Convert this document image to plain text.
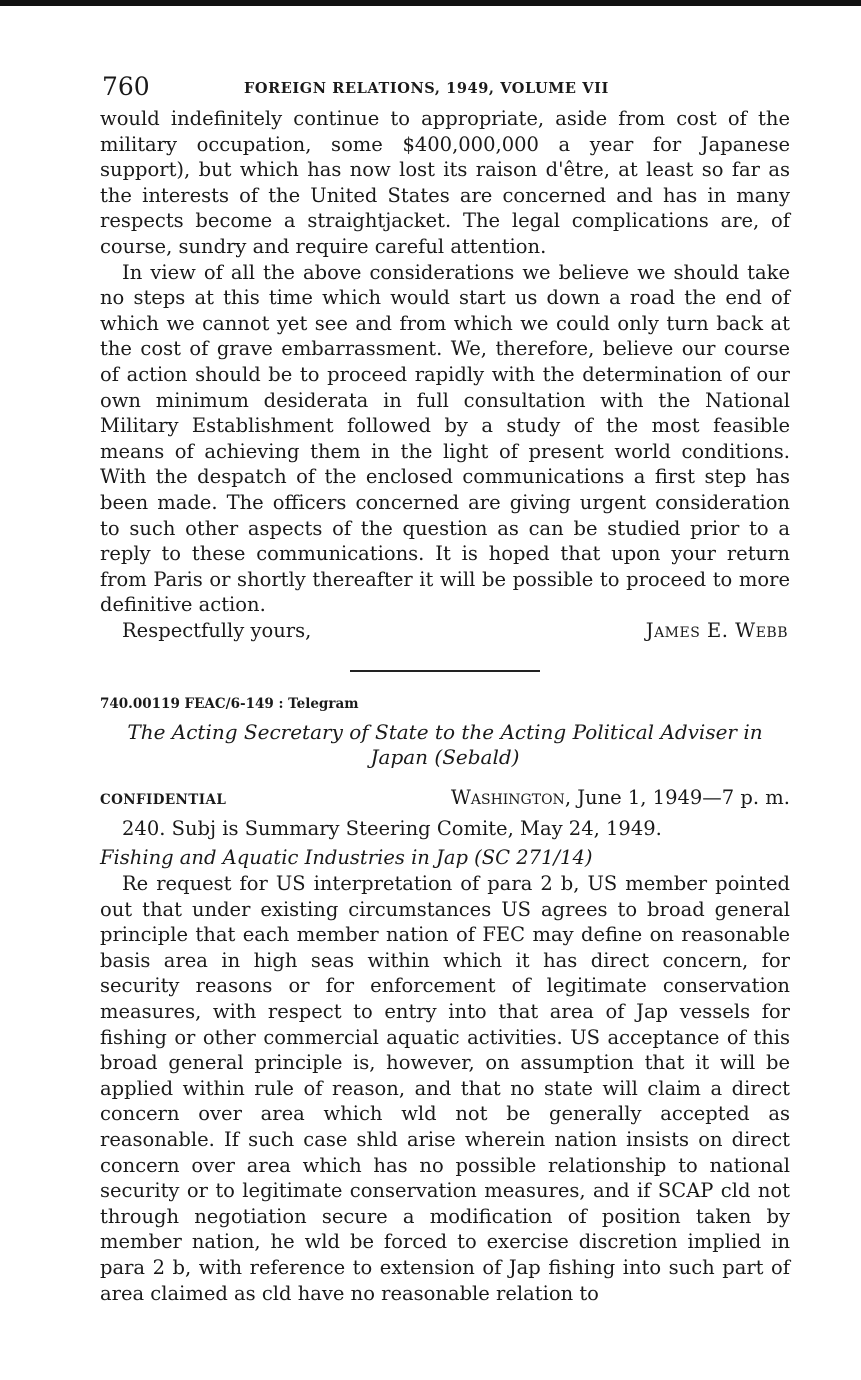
760	FOREIGN RELATIONS, 1949, VOLUME VII

would indefinitely continue to appropriate, aside from cost of the military occupation, some $400,000,000 a year for Japanese support), but which has now lost its raison d'être, at least so far as the interests of the United States are concerned and has in many respects become a straightjacket. The legal complications are, of course, sundry and require careful attention.

In view of all the above considerations we believe we should take no steps at this time which would start us down a road the end of which we cannot yet see and from which we could only turn back at the cost of grave embarrassment. We, therefore, believe our course of action should be to proceed rapidly with the determination of our own minimum desiderata in full consultation with the National Military Establishment followed by a study of the most feasible means of achieving them in the light of present world conditions. With the despatch of the enclosed communications a first step has been made. The officers concerned are giving urgent consideration to such other aspects of the question as can be studied prior to a reply to these communications. It is hoped that upon your return from Paris or shortly thereafter it will be possible to proceed to more definitive action.

Respectfully yours,	James E. Webb

740.00119 FEAC/6-149 : Telegram

The Acting Secretary of State to the Acting Political Adviser in Japan (Sebald)

CONFIDENTIAL	Washington, June 1, 1949—7 p. m.

240. Subj is Summary Steering Comite, May 24, 1949.

Fishing and Aquatic Industries in Jap (SC 271/14)

Re request for US interpretation of para 2 b, US member pointed out that under existing circumstances US agrees to broad general principle that each member nation of FEC may define on reasonable basis area in high seas within which it has direct concern, for security reasons or for enforcement of legitimate conservation measures, with respect to entry into that area of Jap vessels for fishing or other commercial aquatic activities. US acceptance of this broad general principle is, however, on assumption that it will be applied within rule of reason, and that no state will claim a direct concern over area which wld not be generally accepted as reasonable. If such case shld arise wherein nation insists on direct concern over area which has no possible relationship to national security or to legitimate conservation measures, and if SCAP cld not through negotiation secure a modification of position taken by member nation, he wld be forced to exercise discretion implied in para 2 b, with reference to extension of Jap fishing into such part of area claimed as cld have no reasonable relation to
